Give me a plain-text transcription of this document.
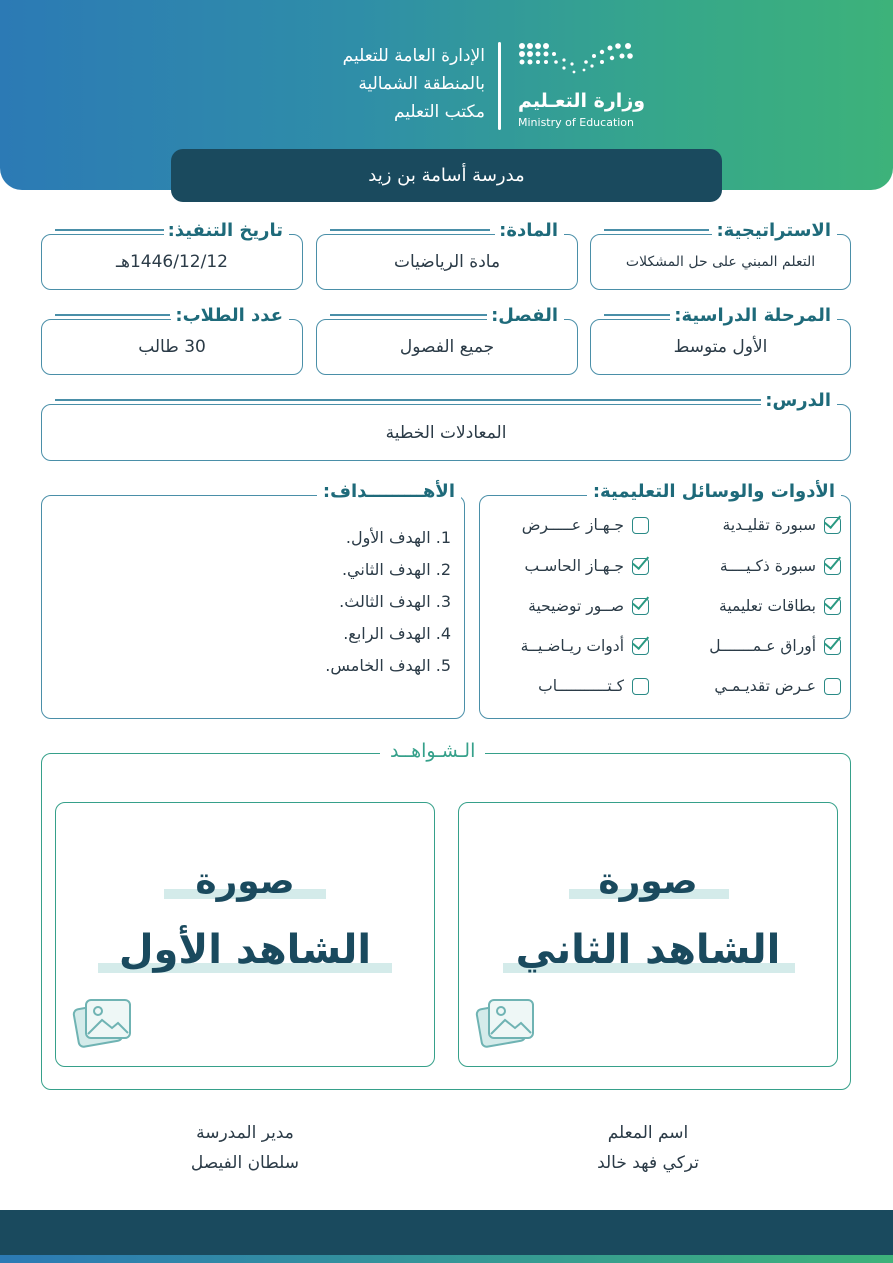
الإدارة العامة للتعليم
بالمنطقة الشمالية
مكتب التعليم وزارة التعـليم
Ministry of Education
مدرسة أسامة بن زيد
الاستراتيجية:
التعلم المبني على حل المشكلات
المادة:
مادة الرياضيات
تاريخ التنفيذ:
1446/12/12هـ
المرحلة الدراسية:
الأول متوسط
الفصل:
جميع الفصول
عدد الطلاب:
30 طالب
الدرس:
المعادلات الخطية
الأدوات والوسائل التعليمية:
سبورة تقليـدية
جـهـاز عـــــرض
سبورة ذكـيــــة
جـهـاز الحاسـب
بطاقات تعليمية
صــور توضيحية
أوراق عـمـــــــل
أدوات ريـاضـيــة
عـرض تقديـمـي
كـتـــــــــــاب
الأهـــــــــداف:
1. الهدف الأول.
2. الهدف الثاني.
3. الهدف الثالث.
4. الهدف الرابع.
5. الهدف الخامس.
الـشـواهــد
صورة
الشاهد الثاني
صورة
الشاهد الأول
اسم المعلم
تركي فهد خالد
مدير المدرسة
سلطان الفيصل
